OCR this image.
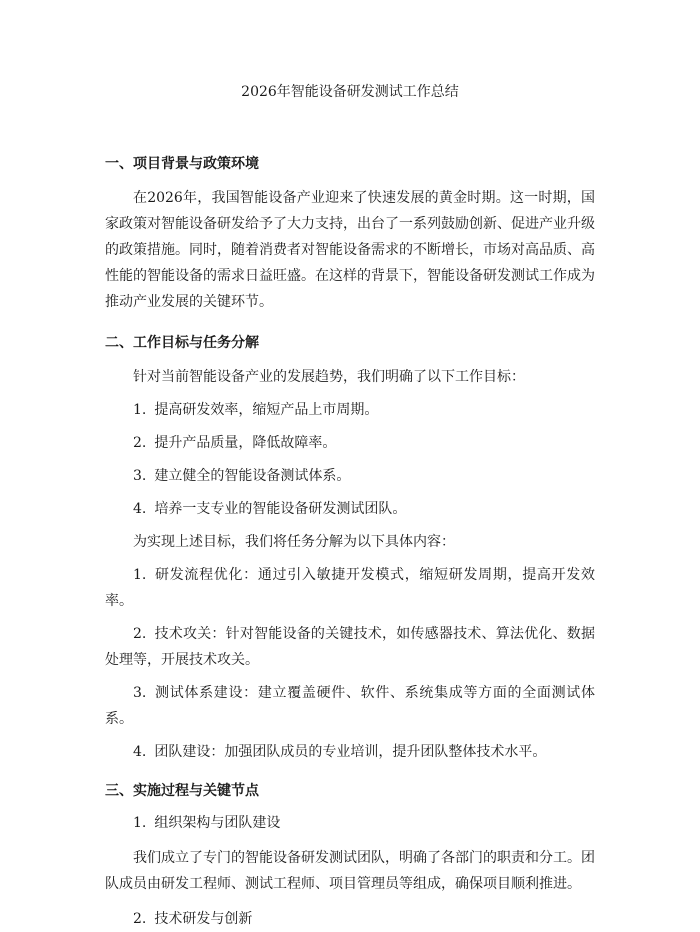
2026年智能设备研发测试工作总结
一、项目背景与政策环境

在2026年，我国智能设备产业迎来了快速发展的黄金时期。这一时期，国家政策对智能设备研发给予了大力支持，出台了一系列鼓励创新、促进产业升级的政策措施。同时，随着消费者对智能设备需求的不断增长，市场对高品质、高性能的智能设备的需求日益旺盛。在这样的背景下，智能设备研发测试工作成为推动产业发展的关键环节。

二、工作目标与任务分解

针对当前智能设备产业的发展趋势，我们明确了以下工作目标：

1. 提高研发效率，缩短产品上市周期。

2. 提升产品质量，降低故障率。

3. 建立健全的智能设备测试体系。

4. 培养一支专业的智能设备研发测试团队。

为实现上述目标，我们将任务分解为以下具体内容：

1. 研发流程优化：通过引入敏捷开发模式，缩短研发周期，提高开发效率。

2. 技术攻关：针对智能设备的关键技术，如传感器技术、算法优化、数据处理等，开展技术攻关。

3. 测试体系建设：建立覆盖硬件、软件、系统集成等方面的全面测试体系。

4. 团队建设：加强团队成员的专业培训，提升团队整体技术水平。

三、实施过程与关键节点

1. 组织架构与团队建设

我们成立了专门的智能设备研发测试团队，明确了各部门的职责和分工。团队成员由研发工程师、测试工程师、项目管理员等组成，确保项目顺利推进。

2. 技术研发与创新
